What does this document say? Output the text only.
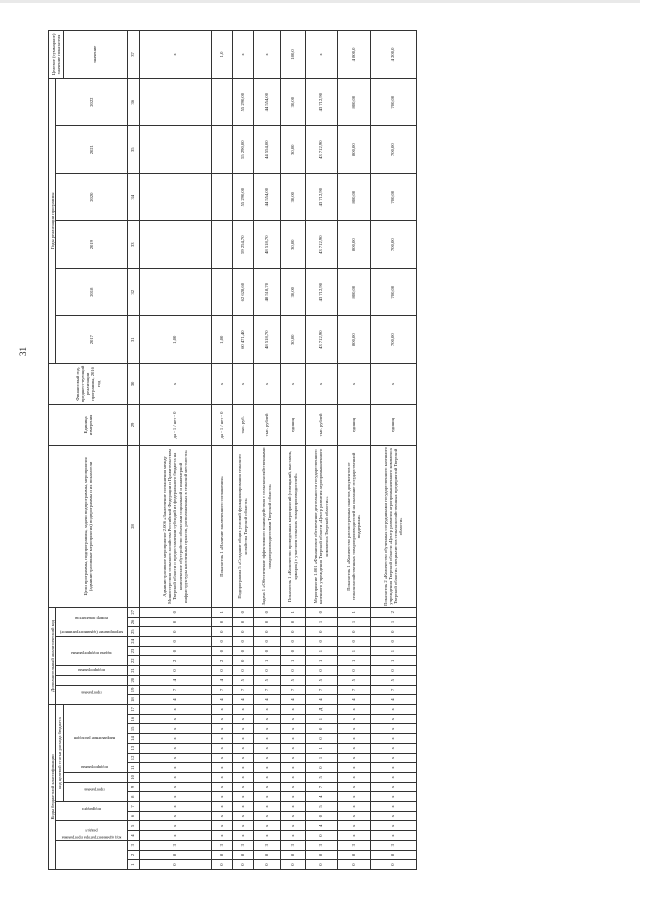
31
Коды бюджетной классификации																	Дополнительный аналитический код										Цели программы, подпрограммы, задачи подпрограммы, мероприятия (административные мероприятия) подпрограммы и их показатели	Единица измерения	Финансовый год, предшест-вующий реализации программы, 2016 год	Годы реализации программы						Целевое (суммарное) значение показателя
код администратора программы			раздел		подраздел		код целевой статьи расхода бюджета										программа		подпрограмма	задача подпрограммы	мероприятие (административное)			номер показателя						2017	2018	2019	2020	2021	2022	
							программа		подпрограмма	направление расходов																										значение
1	2	3	4	5	6	7	8	9	10	11	12	13	14	15	16	17	18	19	20	21	22	23	24	25	26	27	28	29	30	31	32	33	34	35	36	37
0	8	3	х	х	х	х	х	х	х	х	х	х	х	х	х	х	4	7	4	0	2	0	0	0	0	0	Административное мероприятие 2.006 «Заключение соглашения между Министерством сельского хозяйства Российской Федерации и Правительством Тверской области о предоставлении субсидий из федерального бюджета на комплексное обустройство объектами социальной и инженерной инфраструктуры населенных пунктов, расположенных в сельской местности»	да - 1 / нет - 0	х	1,00						х
0	8	3	х	х	х	х	х	х	х	х	х	х	х	х	х	х	4	7	4	0	2	0	0	0	0	1	Показатель 1 «Наличие заключенного соглашения»	да - 1 / нет - 0	х	1,00						1,0
0	8	3	х	х	х	х	х	х	х	х	х	х	х	х	х	х	4	7	5	0	0	0	0	0	0	0	Подпрограмма 5 «Создание общих условий функционирования сельского хозяйства Тверской области»	тыс. руб.	х	60 471,40	62 628,60	59 254,70	55 290,00	55 290,00	55 290,00	х
0	8	3	х	х	х	х	х	х	х	х	х	х	х	х	х	х	4	7	5	0	1	0	0	0	0	0	Задача 1 «Обеспечение эффективного взаимодействия с сельскохозяйственными товаропроизводителями Тверской области»	тыс. рублей	х	48 518,70	48 518,70	48 518,70	44 554,00	44 554,00	44 554,00	х
0	8	3	х	х	х	х	х	х	х	х	х	х	х	х	х	х	4	7	5	0	1	0	0	0	0	1	Показатель 1 «Количество проведенных мероприятий (совещаний, выставок, ярмарок) с участием сельских товаропроизводителей»	единиц	х	30,00	30,00	30,00	30,00	30,00	30,00	180,0
0	8	3	0	4	0	5	4	7	5	0	1	1	0	0	1	Д	4	7	5	0	1	1	0	0	1	0	Мероприятие 1.001 «Финансовое обеспечение деятельности государственного казенного учреждения Тверской области «Центр развития агропромышленного комплекса Тверской области»»	тыс. рублей	х	43 712,90	43 712,90	43 712,90	43 712,90	43 712,90	43 712,90	х
0	8	3	х	х	х	х	х	х	х	х	х	х	х	х	х	х	4	7	5	0	1	1	0	0	1	1	Показатель 1 «Количество рассмотренных пакетов документов от сельскохозяйственных товаропроизводителей на оказание государственной поддержки»	единиц	х	800,00	800,00	800,00	800,00	800,00	800,00	4 800,0
0	8	3	х	х	х	х	х	х	х	х	х	х	х	х	х	х	4	7	5	0	1	1	0	0	1	2	Показатель 2 «Количество обученных сотрудниками государственного казенного учреждения Тверской области «Центр развития агропромышленного комплекса Тверской области» специалистов сельскохозяйственных предприятий Тверской области»	единиц	х	700,00	700,00	700,00	700,00	700,00	700,00	4 200,0
